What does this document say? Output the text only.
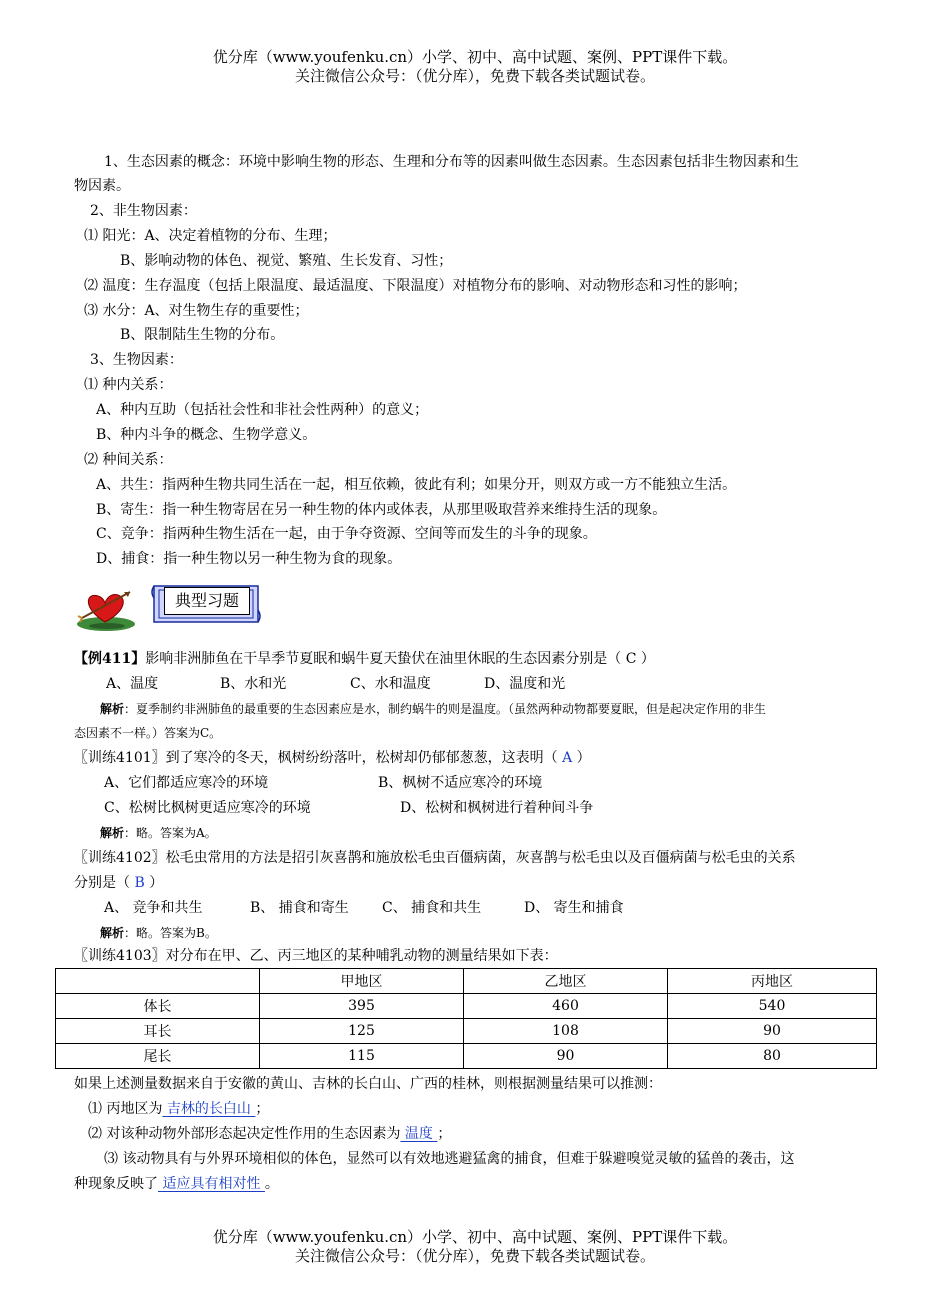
优分库（www.youfenku.cn）小学、初中、高中试题、案例、PPT课件下载。
关注微信公众号：（优分库），免费下载各类试题试卷。
1、生态因素的概念：环境中影响生物的形态、生理和分布等的因素叫做生态因素。生态因素包括非生物因素和生
物因素。
2、非生物因素：
⑴ 阳光：A、决定着植物的分布、生理；
B、影响动物的体色、视觉、繁殖、生长发育、习性；
⑵ 温度：生存温度（包括上限温度、最适温度、下限温度）对植物分布的影响、对动物形态和习性的影响；
⑶ 水分：A、对生物生存的重要性；
B、限制陆生生物的分布。
3、生物因素：
⑴ 种内关系：
A、种内互助（包括社会性和非社会性两种）的意义；
B、种内斗争的概念、生物学意义。
⑵ 种间关系：
A、共生：指两种生物共同生活在一起，相互依赖，彼此有利；如果分开，则双方或一方不能独立生活。
B、寄生：指一种生物寄居在另一种生物的体内或体表，从那里吸取营养来维持生活的现象。
C、竞争：指两种生物生活在一起，由于争夺资源、空间等而发生的斗争的现象。
D、捕食：指一种生物以另一种生物为食的现象。
典型习题
【例411】影响非洲肺鱼在干旱季节夏眠和蜗牛夏天蛰伏在油里休眠的生态因素分别是（ C ）
A、温度	B、水和光	C、水和温度	D、温度和光
解析：夏季制约非洲肺鱼的最重要的生态因素应是水，制约蜗牛的则是温度。（虽然两种动物都要夏眠，但是起决定作用的非生
态因素不一样。）答案为C。
〖训练4101〗到了寒冷的冬天，枫树纷纷落叶，松树却仍郁郁葱葱，这表明（ A ）
A、它们都适应寒冷的环境	B、枫树不适应寒冷的环境
C、松树比枫树更适应寒冷的环境	D、松树和枫树进行着种间斗争
解析：略。答案为A。
〖训练4102〗松毛虫常用的方法是招引灰喜鹊和施放松毛虫百僵病菌，灰喜鹊与松毛虫以及百僵病菌与松毛虫的关系
分别是（ B ）
A、 竞争和共生	B、 捕食和寄生 C、 捕食和共生	D、 寄生和捕食
解析：略。答案为B。
〖训练4103〗对分布在甲、乙、丙三地区的某种哺乳动物的测量结果如下表：
	甲地区	乙地区	丙地区
体长	395	460	540
耳长	125	108	90
尾长	115	90	80
如果上述测量数据来自于安徽的黄山、吉林的长白山、广西的桂林，则根据测量结果可以推测：
⑴ 丙地区为 吉林的长白山 ；
⑵ 对该种动物外部形态起决定性作用的生态因素为 温度 ；
⑶ 该动物具有与外界环境相似的体色，显然可以有效地逃避猛禽的捕食，但难于躲避嗅觉灵敏的猛兽的袭击，这
种现象反映了 适应具有相对性 。
优分库（www.youfenku.cn）小学、初中、高中试题、案例、PPT课件下载。
关注微信公众号：（优分库），免费下载各类试题试卷。
